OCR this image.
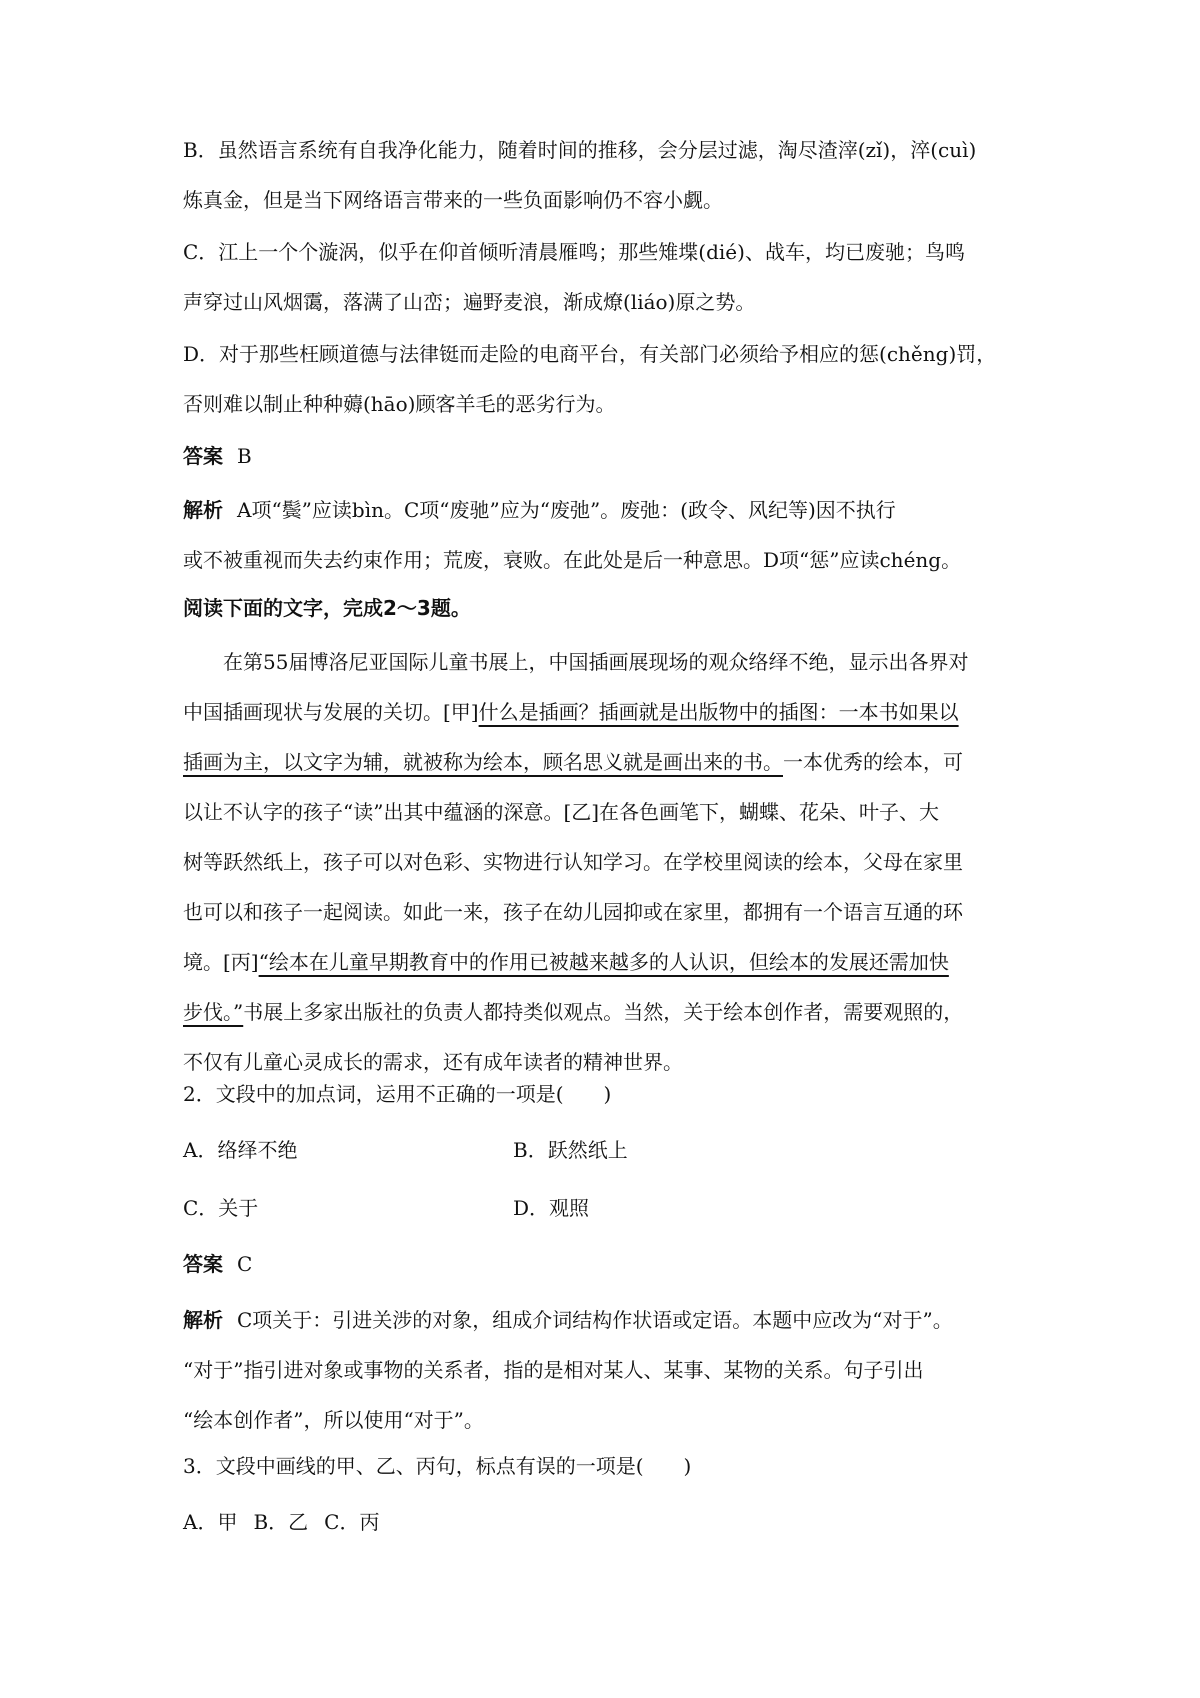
B．虽然语言系统有自我净化能力，随着时间的推移，会分层过滤，淘尽渣滓(zǐ)，淬(cuì)
炼真金，但是当下网络语言带来的一些负面影响仍不容小觑。
C．江上一个个漩涡，似乎在仰首倾听清晨雁鸣；那些雉堞(dié)、战车，均已废驰；鸟鸣
声穿过山风烟霭，落满了山峦；遍野麦浪，渐成燎(liáo)原之势。
D．对于那些枉顾道德与法律铤而走险的电商平台，有关部门必须给予相应的惩(chěng)罚，
否则难以制止种种薅(hāo)顾客羊毛的恶劣行为。
答案 B
解析 A项“鬓”应读bìn。C项“废驰”应为“废弛”。废弛：(政令、风纪等)因不执行
或不被重视而失去约束作用；荒废，衰败。在此处是后一种意思。D项“惩”应读chéng。
阅读下面的文字，完成2～3题。
在第55届博洛尼亚国际儿童书展上，中国插画展现场的观众络绎不绝，显示出各界对
中国插画现状与发展的关切。[甲]什么是插画？插画就是出版物中的插图：一本书如果以
插画为主，以文字为辅，就被称为绘本，顾名思义就是画出来的书。一本优秀的绘本，可
以让不认字的孩子“读”出其中蕴涵的深意。[乙]在各色画笔下，蝴蝶、花朵、叶子、大
树等跃然纸上，孩子可以对色彩、实物进行认知学习。在学校里阅读的绘本，父母在家里
也可以和孩子一起阅读。如此一来，孩子在幼儿园抑或在家里，都拥有一个语言互通的环
境。[丙]“绘本在儿童早期教育中的作用已被越来越多的人认识，但绘本的发展还需加快
步伐。”书展上多家出版社的负责人都持类似观点。当然，关于绘本创作者，需要观照的，
不仅有儿童心灵成长的需求，还有成年读者的精神世界。
2．文段中的加点词，运用不正确的一项是(　　)
A．络绎不绝	B．跃然纸上
C．关于	D．观照
答案 C
解析 C项关于：引进关涉的对象，组成介词结构作状语或定语。本题中应改为“对于”。
“对于”指引进对象或事物的关系者，指的是相对某人、某事、某物的关系。句子引出
“绘本创作者”，所以使用“对于”。
3．文段中画线的甲、乙、丙句，标点有误的一项是(　　)
A．甲 B．乙 C．丙
